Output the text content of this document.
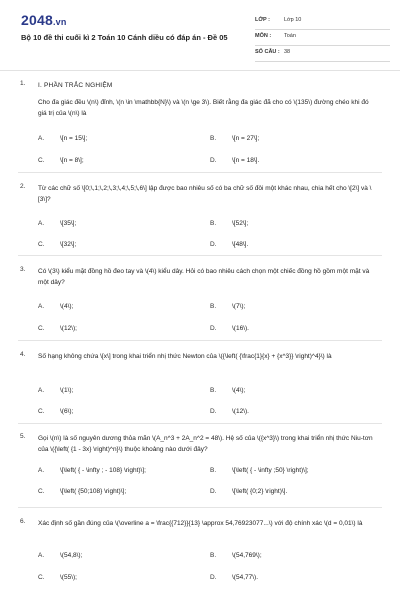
2048.vn
Bộ 10 đề thi cuối kì 2 Toán 10 Cánh diều có đáp án - Đề 05
LỚP :	Lớp 10
MÔN : Toán
SỐ CÂU : 38
1. I. PHẦN TRẮC NGHIỆM
Cho đa giác đều \(n\) đỉnh, \(n \in \mathbb{N}\) và \(n \ge 3\). Biết rằng đa giác đã cho có \(135\) đường chéo khi đó giá trị của \(n\) là
A. \[n = 15\];	B. \[n = 27\];
C. \[n = 8\];	D. \[n = 18\].
2. Từ các chữ số \[0;\,1;\,2;\,3;\,4;\,5;\,6\] lập được bao nhiêu số có ba chữ số đôi một khác nhau, chia hết cho \[2\] và \[3\]?
A. \[35\];	B. \[52\];
C. \[32\];	D. \[48\].
3. Có \(3\) kiểu mặt đồng hồ đeo tay và \(4\) kiểu dây. Hỏi có bao nhiêu cách chọn một chiếc đồng hồ gồm một mặt và một dây?
A. \(4\);	B. \(7\);
C. \(12\);	D. \(16\).
4. Số hạng không chứa \[x\] trong khai triển nhị thức Newton của \({\left( {\frac{1}{x} + {x^3}} \right)^4}\) là
A. \(1\);	B. \(4\);
C. \(6\);	D. \(12\).
5. Gọi \(n\) là số nguyên dương thỏa mãn \(A_n^3 + 2A_n^2 = 48\). Hệ số của \({x^3}\) trong khai triển nhị thức Niu-tơn của \({\left( {1 - 3x} \right)^n}\) thuộc khoảng nào dưới đây?
A. \[\left( { - \infty ; - 108} \right)\];	B. \[\left( { - \infty ;50} \right)\];
C. \[\left( {50;108} \right)\];	D. \[\left( {0;2} \right)\].
6. Xác định số gần đúng của \(\overline a = \frac{{712}}{13} \approx 54,76923077...\) với độ chính xác \(d = 0,01\) là
A. \(54,8\);	B. \(54,769\);
C. \(55\);	D. \(54,77\).
